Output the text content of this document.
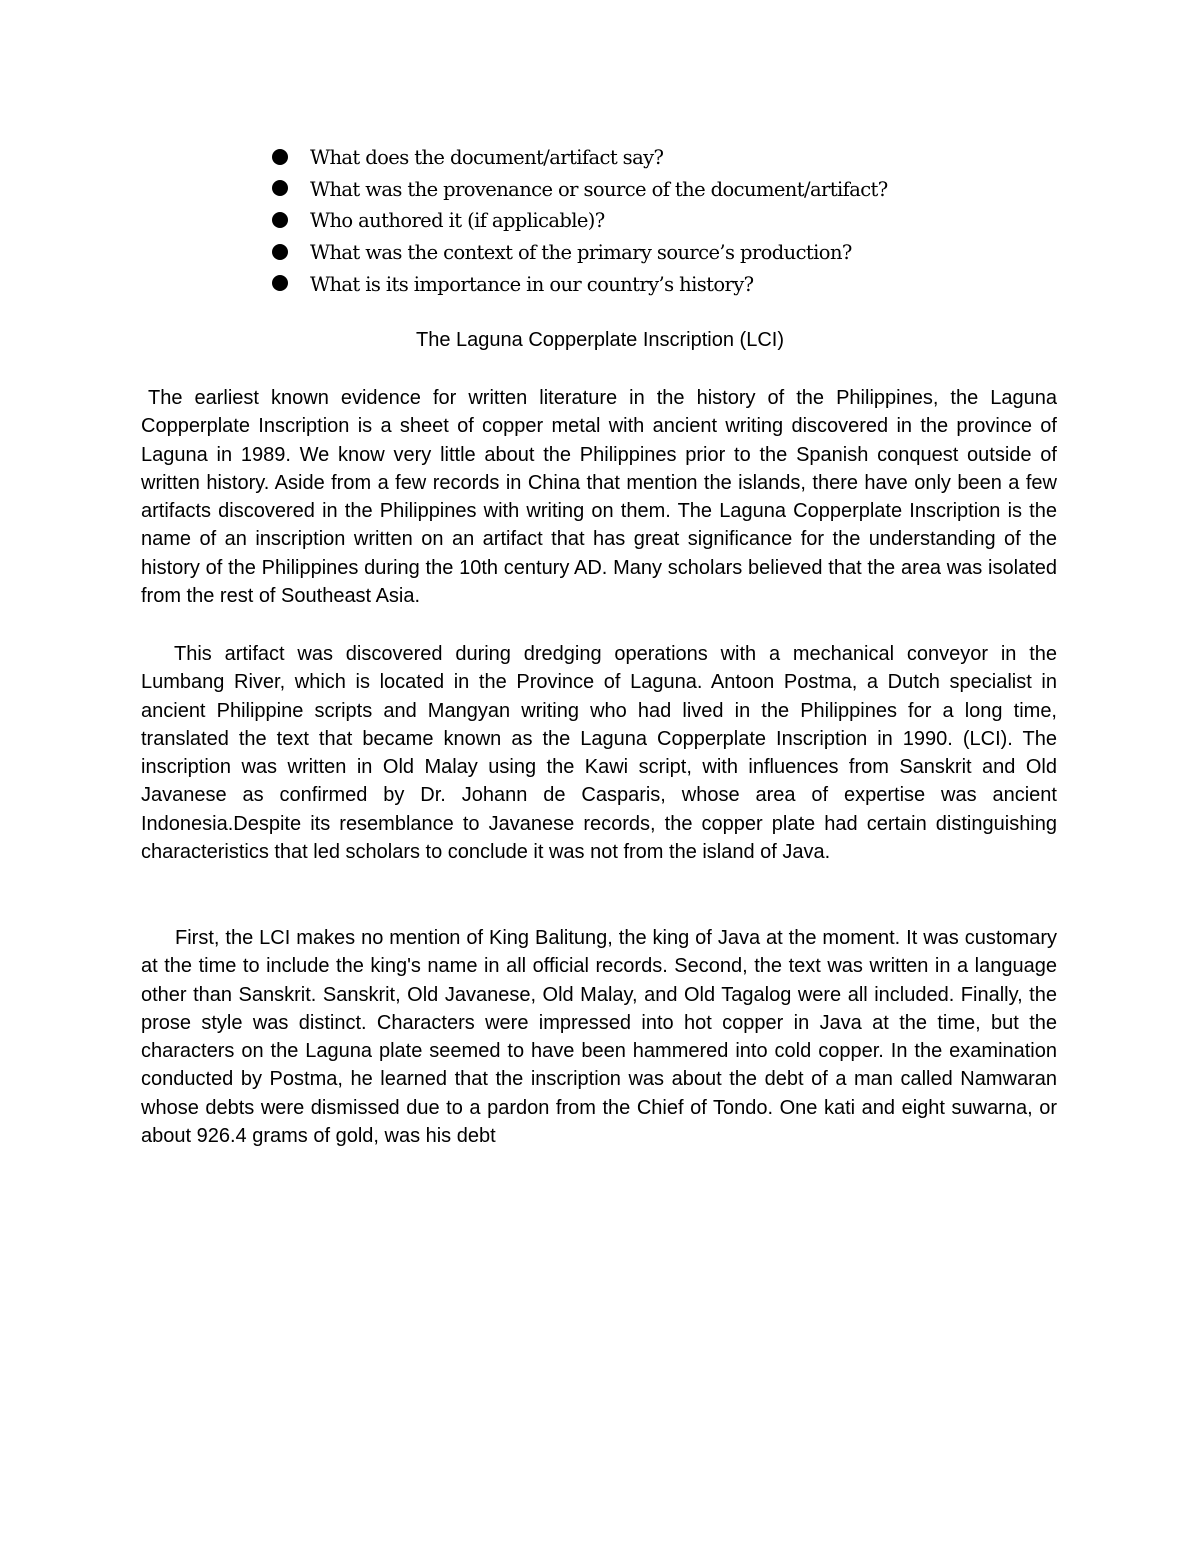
What does the document/artifact say?
What was the provenance or source of the document/artifact?
Who authored it (if applicable)?
What was the context of the primary source’s production?
What is its importance in our country’s history?
The Laguna Copperplate Inscription (LCI)

The earliest known evidence for written literature in the history of the Philippines, the Laguna Copperplate Inscription is a sheet of copper metal with ancient writing discovered in the province of Laguna in 1989. We know very little about the Philippines prior to the Spanish conquest outside of written history. Aside from a few records in China that mention the islands, there have only been a few artifacts discovered in the Philippines with writing on them. The Laguna Copperplate Inscription is the name of an inscription written on an artifact that has great significance for the understanding of the history of the Philippines during the 10th century AD. Many scholars believed that the area was isolated from the rest of Southeast Asia.

This artifact was discovered during dredging operations with a mechanical conveyor in the Lumbang River, which is located in the Province of Laguna. Antoon Postma, a Dutch specialist in ancient Philippine scripts and Mangyan writing who had lived in the Philippines for a long time, translated the text that became known as the Laguna Copperplate Inscription in 1990. (LCI). The inscription was written in Old Malay using the Kawi script, with influences from Sanskrit and Old Javanese as confirmed by Dr. Johann de Casparis, whose area of expertise was ancient Indonesia.Despite its resemblance to Javanese records, the copper plate had certain distinguishing characteristics that led scholars to conclude it was not from the island of Java.

First, the LCI makes no mention of King Balitung, the king of Java at the moment. It was customary at the time to include the king's name in all official records. Second, the text was written in a language other than Sanskrit. Sanskrit, Old Javanese, Old Malay, and Old Tagalog were all included. Finally, the prose style was distinct. Characters were impressed into hot copper in Java at the time, but the characters on the Laguna plate seemed to have been hammered into cold copper. In the examination conducted by Postma, he learned that the inscription was about the debt of a man called Namwaran whose debts were dismissed due to a pardon from the Chief of Tondo. One kati and eight suwarna, or about 926.4 grams of gold, was his debt
